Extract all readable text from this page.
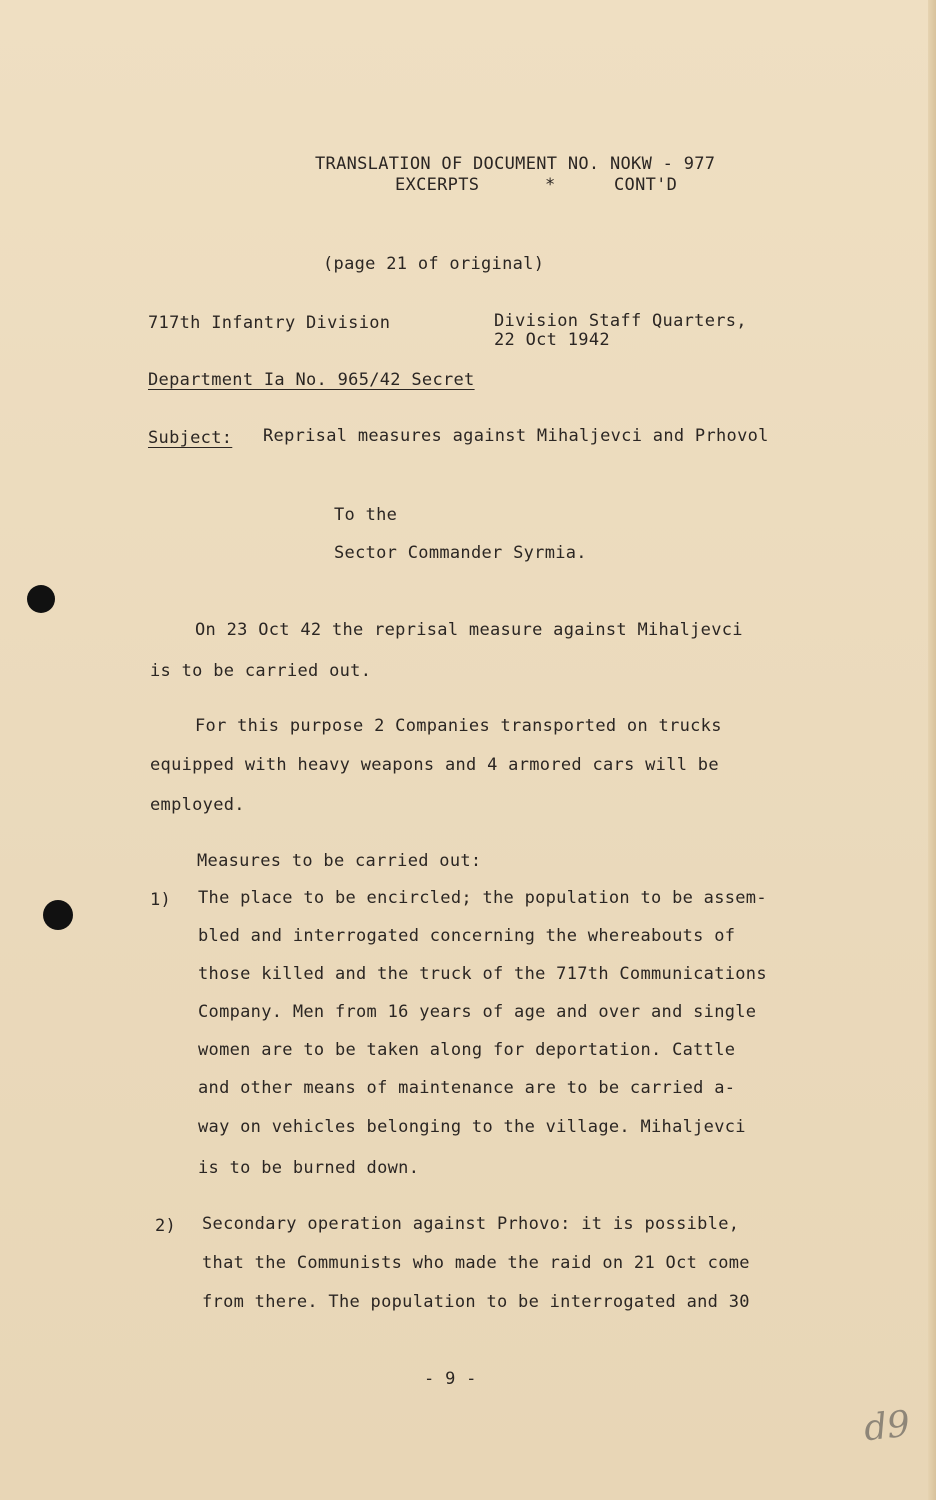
TRANSLATION OF DOCUMENT NO. NOKW - 977
EXCERPTS	*	CONT'D
(page 21 of original)
717th Infantry Division	Division Staff Quarters,
22 Oct 1942
Department Ia No. 965/42 Secret
Subject: Reprisal measures against Mihaljevci and Prhovol
To the
Sector Commander Syrmia.
On 23 Oct 42 the reprisal measure against Mihaljevci
is to be carried out.
For this purpose 2 Companies transported on trucks
equipped with heavy weapons and 4 armored cars will be
employed.
Measures to be carried out:
1) The place to be encircled; the population to be assem-
bled and interrogated concerning the whereabouts of
those killed and the truck of the 717th Communications
Company. Men from 16 years of age and over and single
women are to be taken along for deportation. Cattle
and other means of maintenance are to be carried a-
way on vehicles belonging to the village. Mihaljevci
is to be burned down.
2) Secondary operation against Prhovo: it is possible,
that the Communists who made the raid on 21 Oct come
from there. The population to be interrogated and 30
- 9 -
d9
